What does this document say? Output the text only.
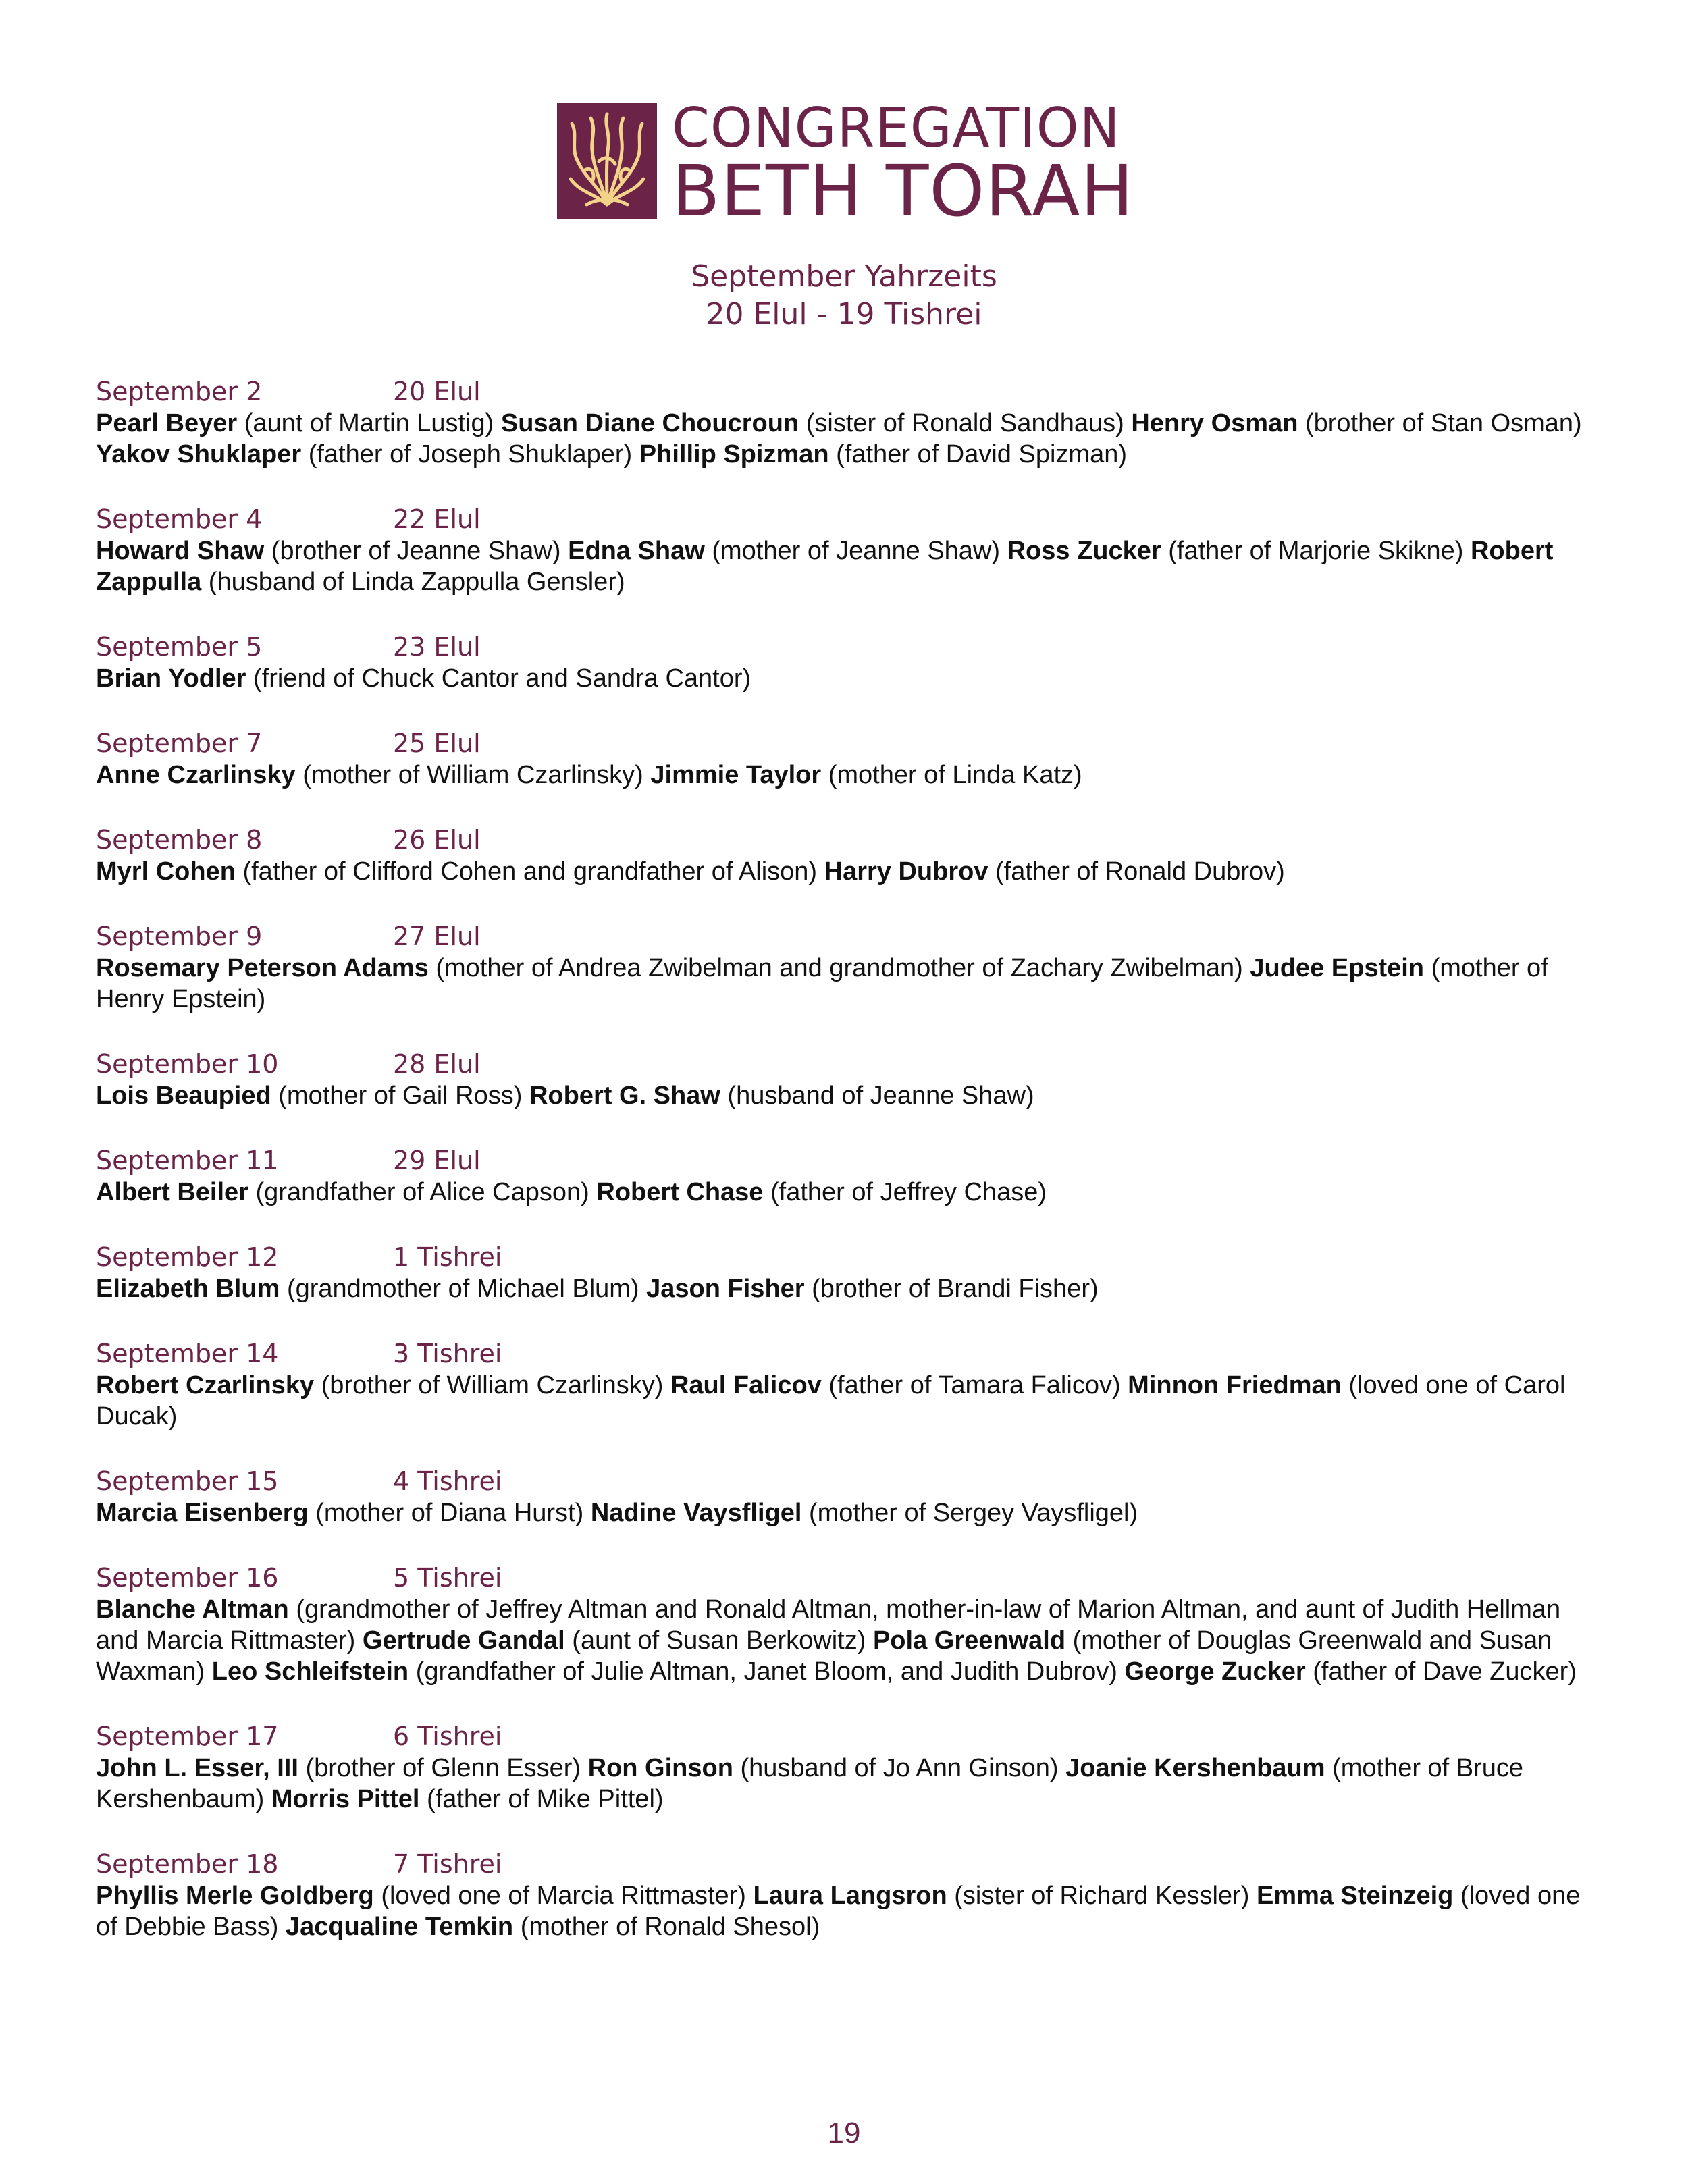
CONGREGATION
BETH TORAH
September Yahrzeits
20 Elul - 19 Tishrei
September 2	20 Elul

Pearl Beyer (aunt of Martin Lustig) Susan Diane Choucroun (sister of Ronald Sandhaus) Henry Osman (brother of Stan Osman) Yakov Shuklaper (father of Joseph Shuklaper) Phillip Spizman (father of David Spizman)

September 4	22 Elul

Howard Shaw (brother of Jeanne Shaw) Edna Shaw (mother of Jeanne Shaw) Ross Zucker (father of Marjorie Skikne) Robert Zappulla (husband of Linda Zappulla Gensler)

September 5	23 Elul

Brian Yodler (friend of Chuck Cantor and Sandra Cantor)

September 7	25 Elul

Anne Czarlinsky (mother of William Czarlinsky) Jimmie Taylor (mother of Linda Katz)

September 8	26 Elul

Myrl Cohen (father of Clifford Cohen and grandfather of Alison) Harry Dubrov (father of Ronald Dubrov)

September 9	27 Elul

Rosemary Peterson Adams (mother of Andrea Zwibelman and grandmother of Zachary Zwibelman) Judee Epstein (mother of Henry Epstein)

September 10	28 Elul

Lois Beaupied (mother of Gail Ross) Robert G. Shaw (husband of Jeanne Shaw)

September 11	29 Elul

Albert Beiler (grandfather of Alice Capson) Robert Chase (father of Jeffrey Chase)

September 12	1 Tishrei

Elizabeth Blum (grandmother of Michael Blum) Jason Fisher (brother of Brandi Fisher)

September 14	3 Tishrei

Robert Czarlinsky (brother of William Czarlinsky) Raul Falicov (father of Tamara Falicov) Minnon Friedman (loved one of Carol Ducak)

September 15	4 Tishrei

Marcia Eisenberg (mother of Diana Hurst) Nadine Vaysfligel (mother of Sergey Vaysfligel)

September 16	5 Tishrei

Blanche Altman (grandmother of Jeffrey Altman and Ronald Altman, mother-in-law of Marion Altman, and aunt of Judith Hellman and Marcia Rittmaster) Gertrude Gandal (aunt of Susan Berkowitz) Pola Greenwald (mother of Douglas Greenwald and Susan Waxman) Leo Schleifstein (grandfather of Julie Altman, Janet Bloom, and Judith Dubrov) George Zucker (father of Dave Zucker)

September 17	6 Tishrei

John L. Esser, III (brother of Glenn Esser) Ron Ginson (husband of Jo Ann Ginson) Joanie Kershenbaum (mother of Bruce Kershenbaum) Morris Pittel (father of Mike Pittel)

September 18	7 Tishrei

Phyllis Merle Goldberg (loved one of Marcia Rittmaster) Laura Langsron (sister of Richard Kessler) Emma Steinzeig (loved one of Debbie Bass) Jacqualine Temkin (mother of Ronald Shesol)

19
